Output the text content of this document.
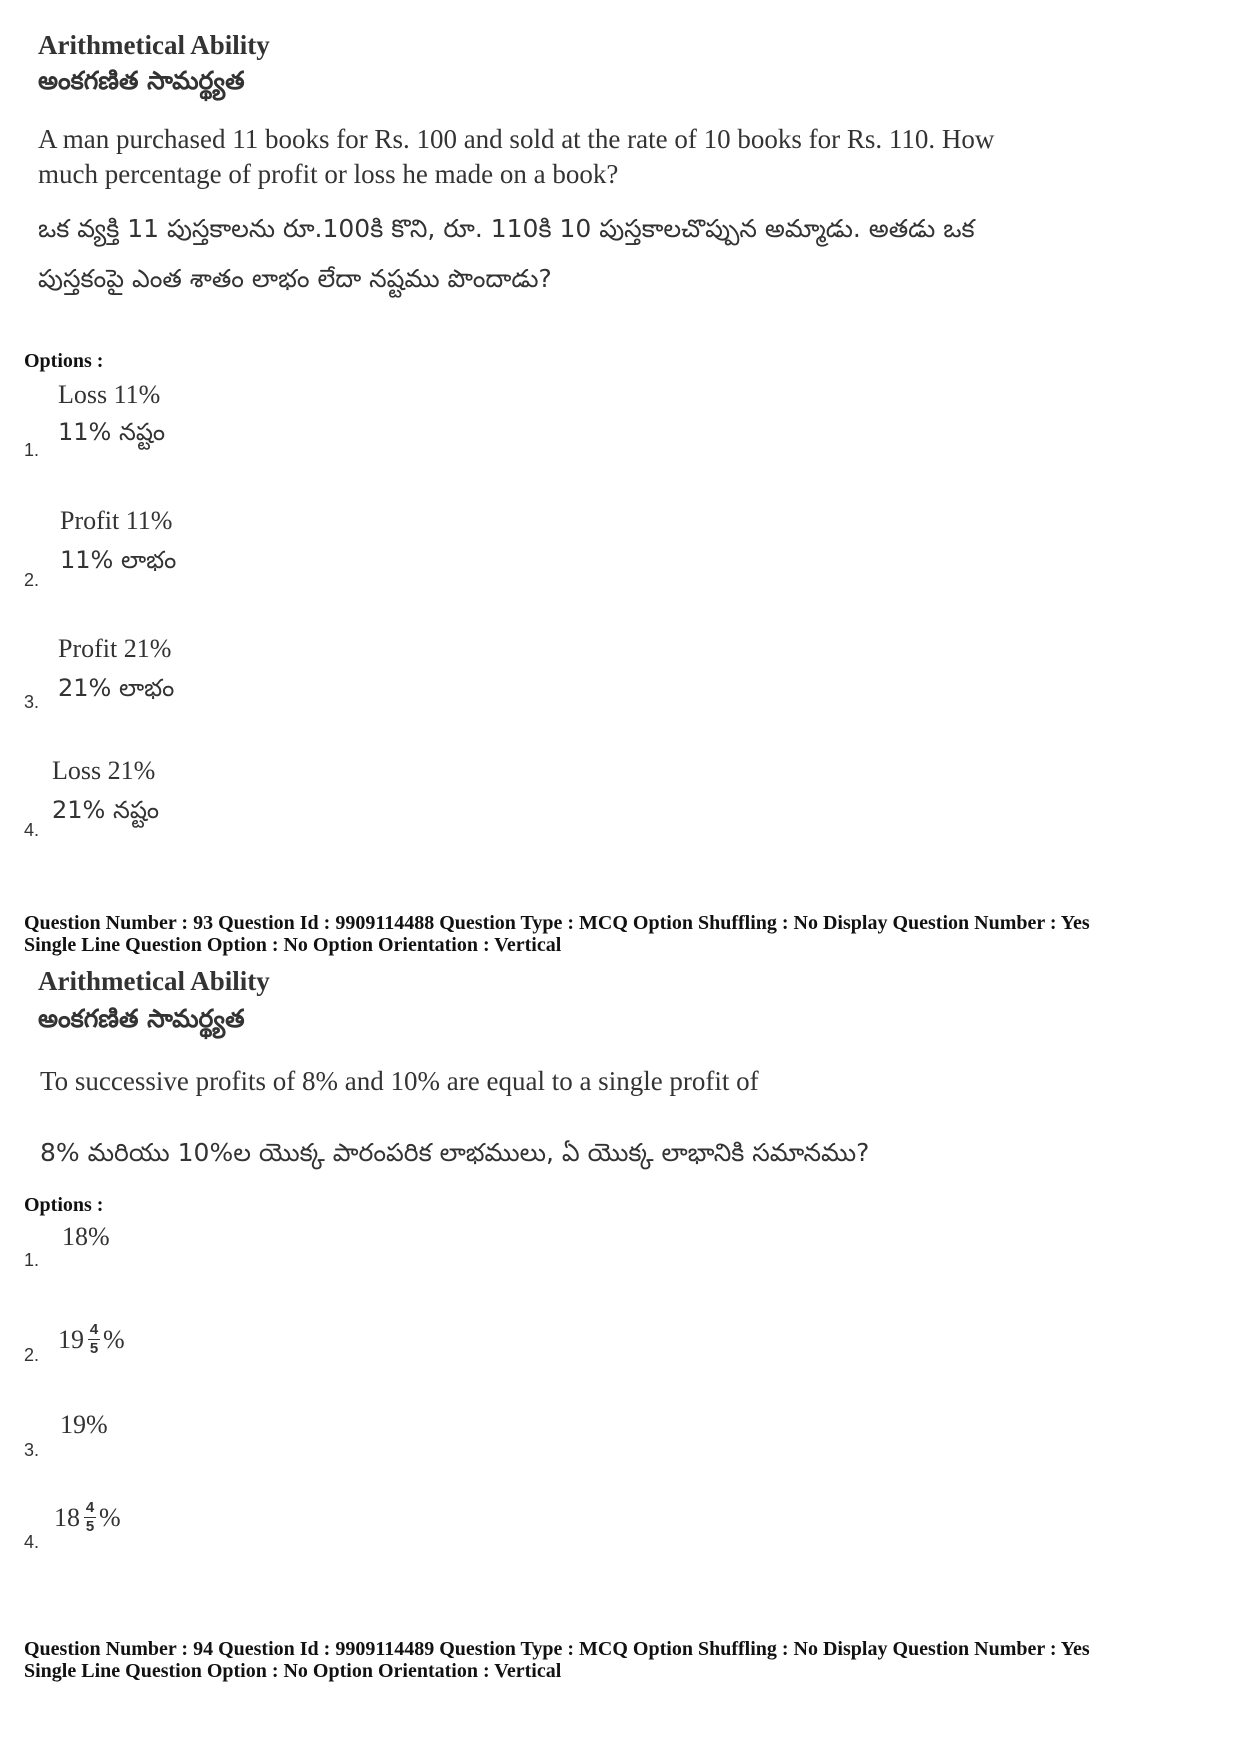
Arithmetical Ability
అంకగణిత సామర్థ్యత
A man purchased 11 books for Rs. 100 and sold at the rate of 10 books for Rs. 110. How
much percentage of profit or loss he made on a book?
ఒక వ్యక్తి 11 పుస్తకాలను రూ.100కి కొని, రూ. 110కి 10 పుస్తకాలచొప్పున అమ్మాడు. అతడు ఒక
పుస్తకంపై ఎంత శాతం లాభం లేదా నష్టము పొందాడు?
Options :
Loss 11%
11% నష్టం
1.
Profit 11%
11% లాభం
2.
Profit 21%
21% లాభం
3.
Loss 21%
21% నష్టం
4.
Question Number : 93 Question Id : 9909114488 Question Type : MCQ Option Shuffling : No Display Question Number : Yes
Single Line Question Option : No Option Orientation : Vertical
Arithmetical Ability
అంకగణిత సామర్థ్యత
To successive profits of 8% and 10% are equal to a single profit of
8% మరియు 10%ల యొక్క పారంపరిక లాభములు, ఏ యొక్క లాభానికి సమానము?
Options :
18%
1.
$19 \frac{4}{5}$ %
2.
19%
3.
$18 \frac{4}{5}$ %
4.
Question Number : 94 Question Id : 9909114489 Question Type : MCQ Option Shuffling : No Display Question Number : Yes
Single Line Question Option : No Option Orientation : Vertical
